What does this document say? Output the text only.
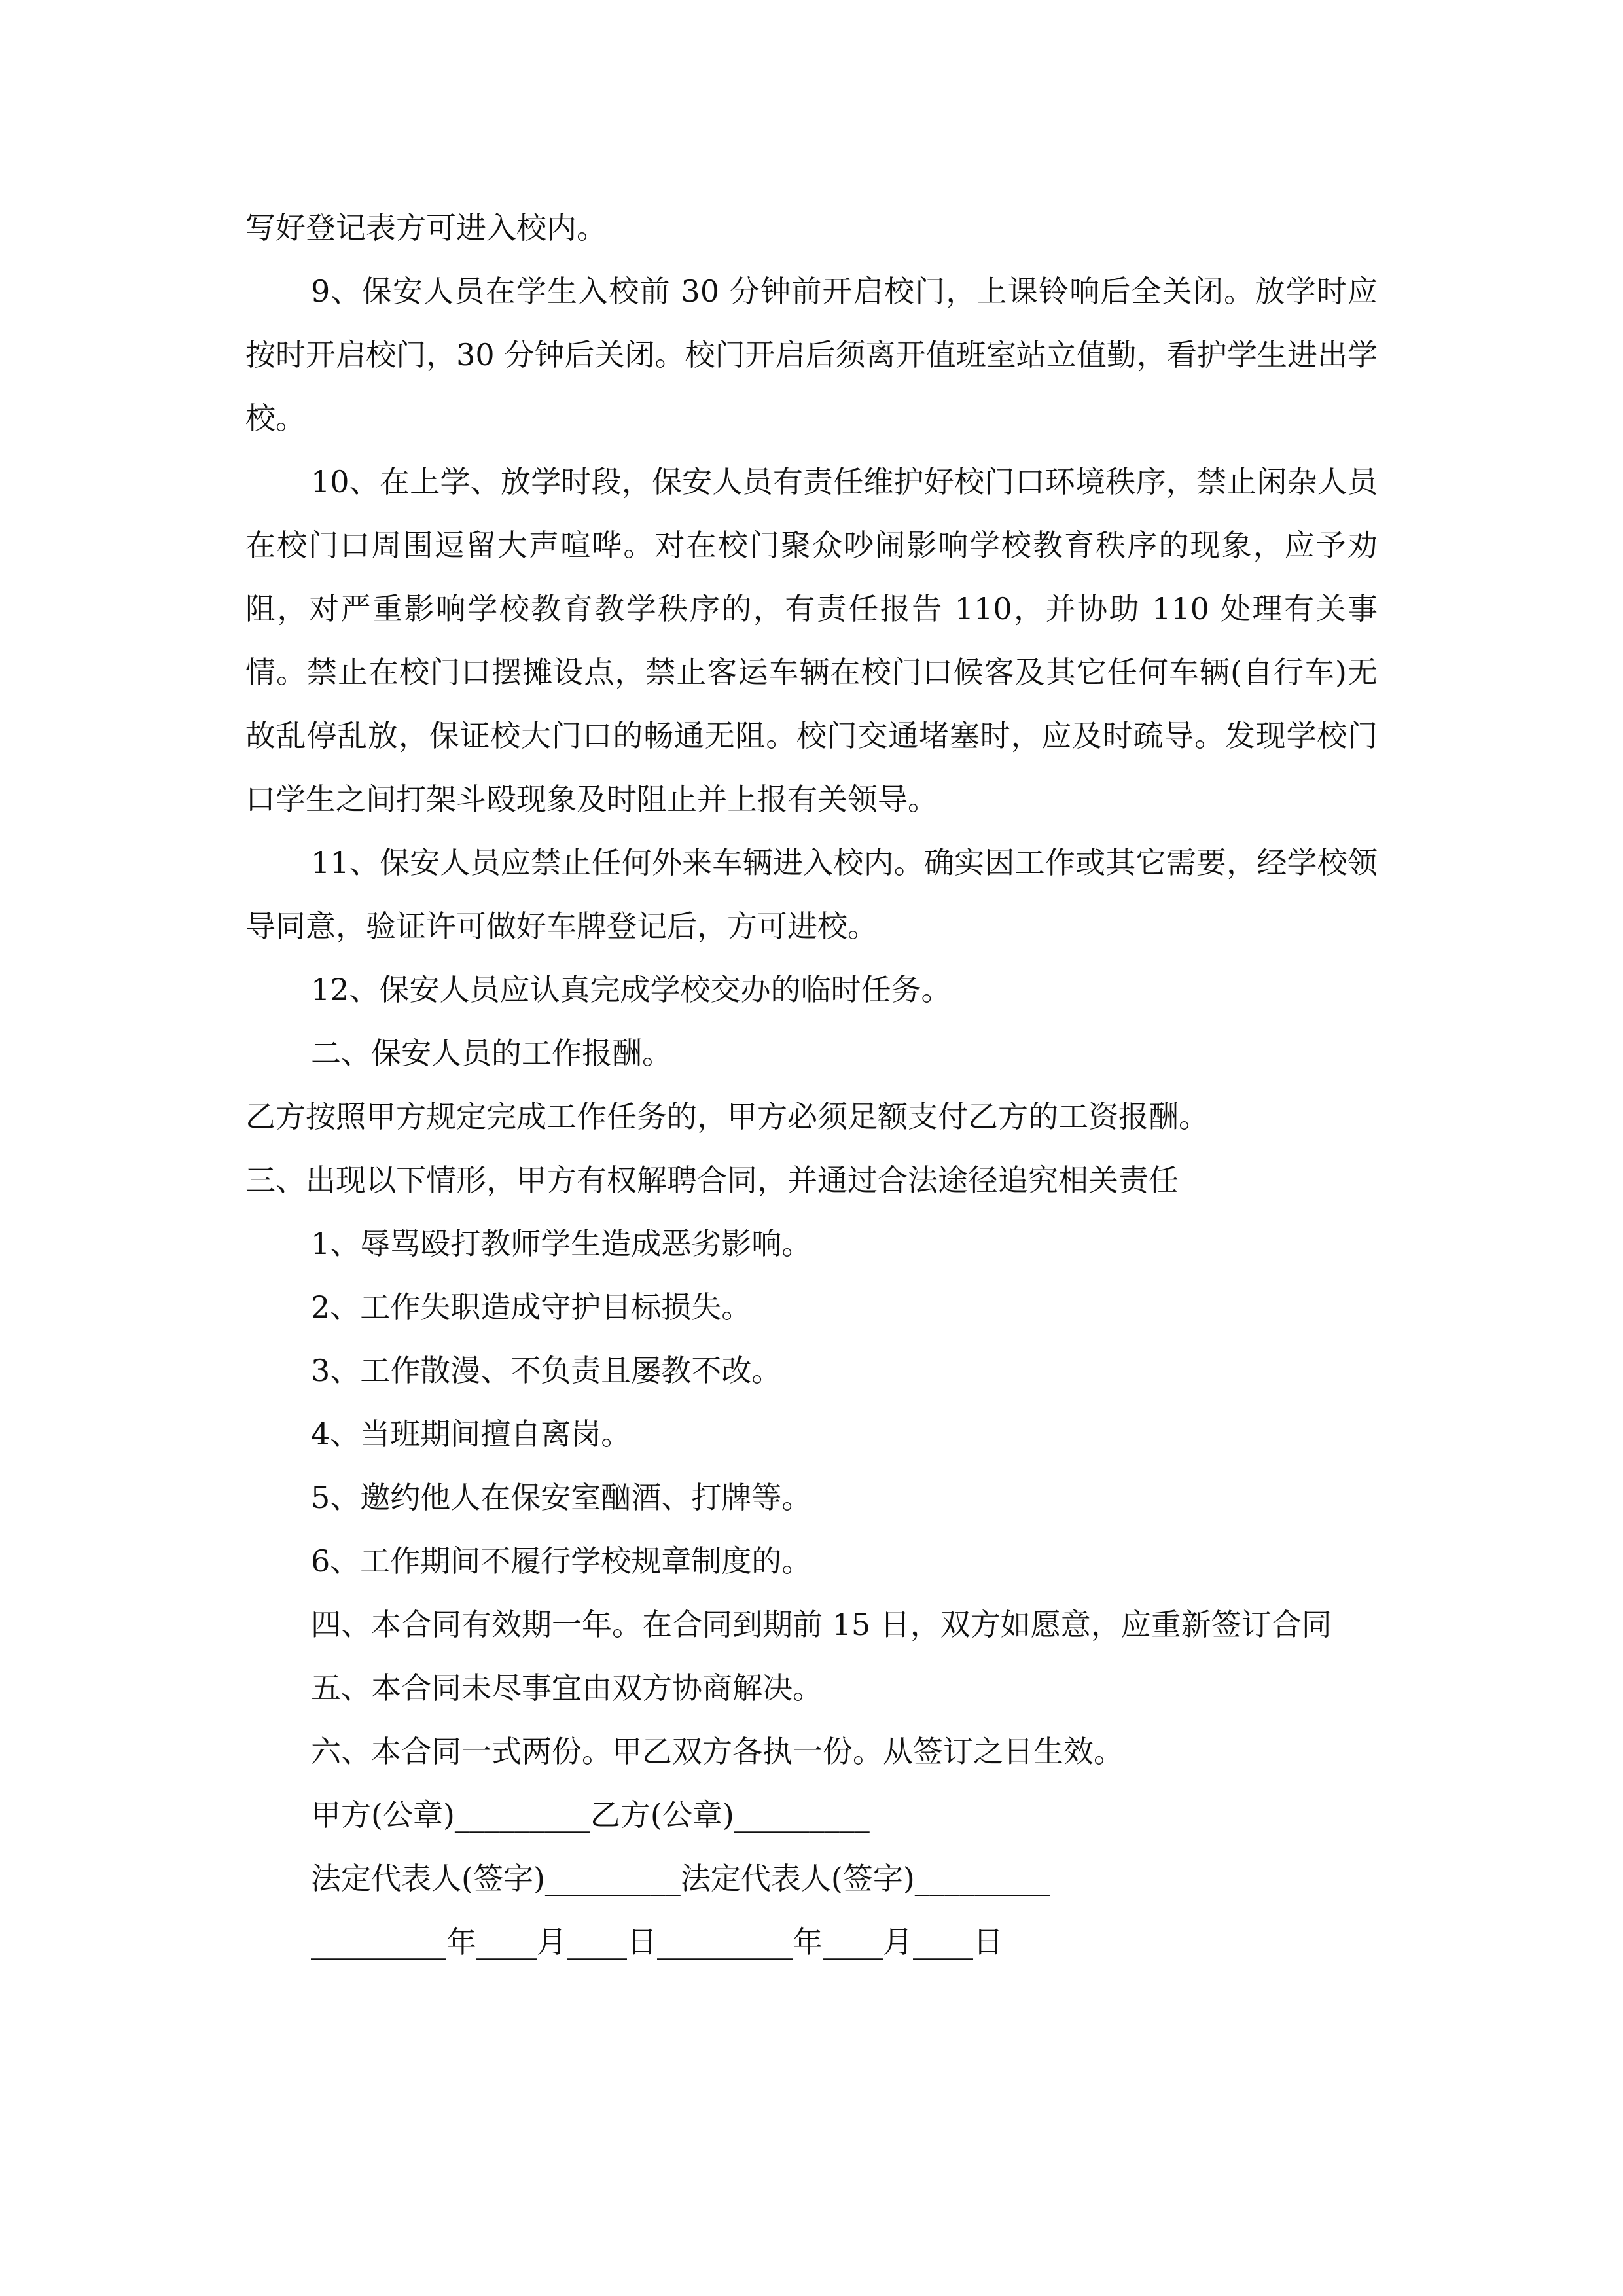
写好登记表方可进入校内。

9、保安人员在学生入校前 30 分钟前开启校门，上课铃响后全关闭。放学时应按时开启校门，30 分钟后关闭。校门开启后须离开值班室站立值勤，看护学生进出学校。

10、在上学、放学时段，保安人员有责任维护好校门口环境秩序，禁止闲杂人员在校门口周围逗留大声喧哗。对在校门聚众吵闹影响学校教育秩序的现象，应予劝阻，对严重影响学校教育教学秩序的，有责任报告 110，并协助 110 处理有关事情。禁止在校门口摆摊设点，禁止客运车辆在校门口候客及其它任何车辆(自行车)无故乱停乱放，保证校大门口的畅通无阻。校门交通堵塞时，应及时疏导。发现学校门口学生之间打架斗殴现象及时阻止并上报有关领导。

11、保安人员应禁止任何外来车辆进入校内。确实因工作或其它需要，经学校领导同意，验证许可做好车牌登记后，方可进校。

12、保安人员应认真完成学校交办的临时任务。

二、保安人员的工作报酬。

乙方按照甲方规定完成工作任务的，甲方必须足额支付乙方的工资报酬。

三、出现以下情形，甲方有权解聘合同，并通过合法途径追究相关责任

1、辱骂殴打教师学生造成恶劣影响。

2、工作失职造成守护目标损失。

3、工作散漫、不负责且屡教不改。

4、当班期间擅自离岗。

5、邀约他人在保安室酗酒、打牌等。

6、工作期间不履行学校规章制度的。

四、本合同有效期一年。在合同到期前 15 日，双方如愿意，应重新签订合同

五、本合同未尽事宜由双方协商解决。

六、本合同一式两份。甲乙双方各执一份。从签订之日生效。

甲方(公章)_________乙方(公章)_________

法定代表人(签字)_________法定代表人(签字)_________

_________年____月____日_________年____月____日
